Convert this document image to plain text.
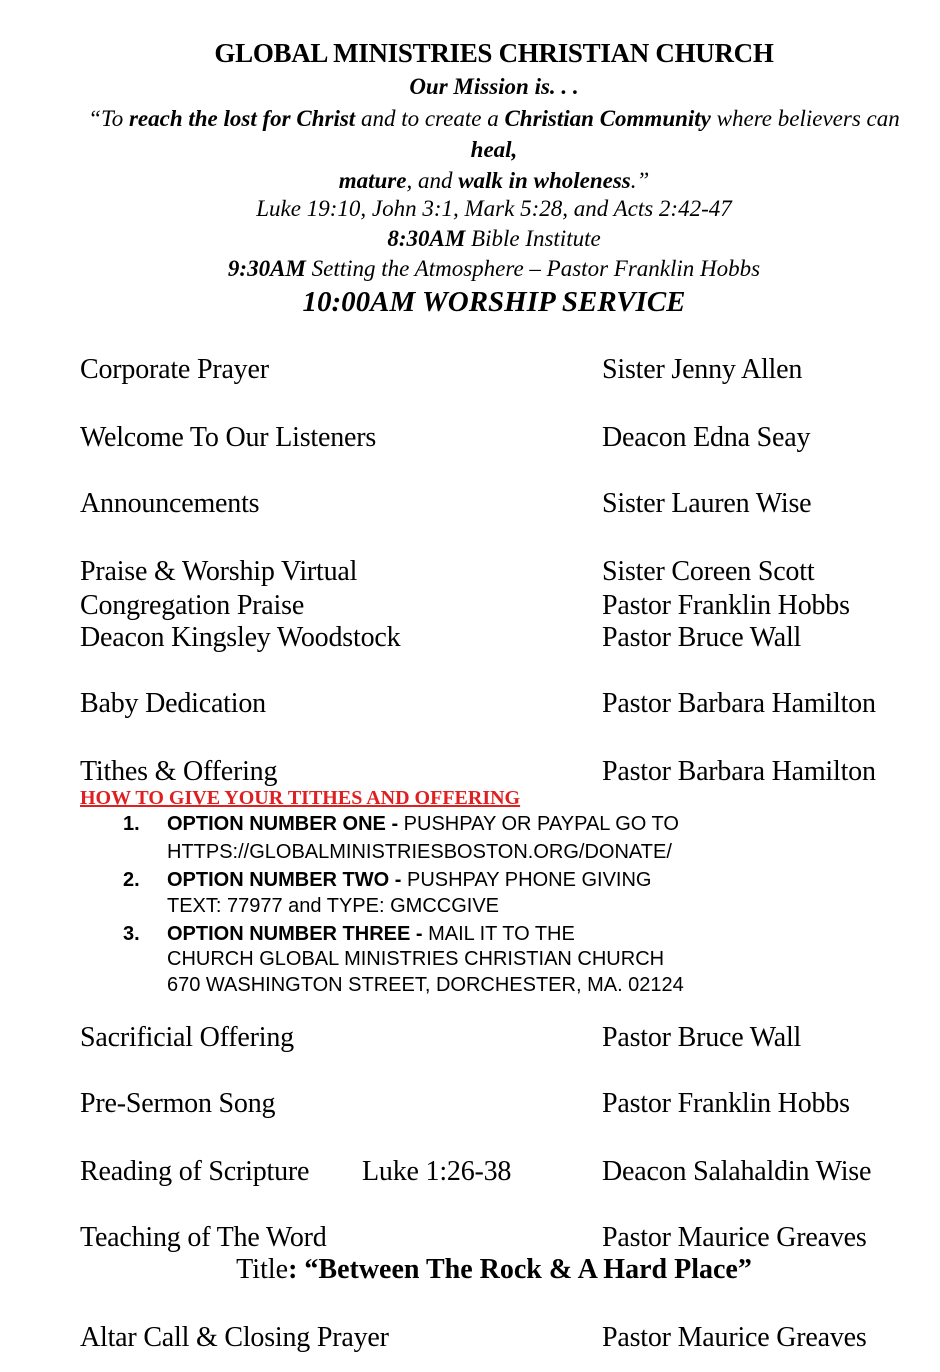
GLOBAL MINISTRIES CHRISTIAN CHURCH
Our Mission is. . .
“To reach the lost for Christ and to create a Christian Community where believers can heal,
mature, and walk in wholeness.”
Luke 19:10, John 3:1, Mark 5:28, and Acts 2:42-47
8:30AM Bible Institute
9:30AM Setting the Atmosphere – Pastor Franklin Hobbs
10:00AM WORSHIP SERVICE
Corporate Prayer	Sister Jenny Allen
Welcome To Our Listeners	Deacon Edna Seay
Announcements	Sister Lauren Wise
Praise & Worship Virtual	Sister Coreen Scott
Congregation Praise	Pastor Franklin Hobbs
Deacon Kingsley Woodstock	Pastor Bruce Wall
Baby Dedication	Pastor Barbara Hamilton
Tithes & Offering	Pastor Barbara Hamilton
HOW TO GIVE YOUR TITHES AND OFFERING
1. OPTION NUMBER ONE - PUSHPAY OR PAYPAL GO TO
HTTPS://GLOBALMINISTRIESBOSTON.ORG/DONATE/
2. OPTION NUMBER TWO - PUSHPAY PHONE GIVING
TEXT: 77977 and TYPE: GMCCGIVE
3. OPTION NUMBER THREE - MAIL IT TO THE
CHURCH GLOBAL MINISTRIES CHRISTIAN CHURCH
670 WASHINGTON STREET, DORCHESTER, MA. 02124
Sacrificial Offering	Pastor Bruce Wall
Pre-Sermon Song	Pastor Franklin Hobbs
Reading of Scripture Luke 1:26-38	Deacon Salahaldin Wise
Teaching of The Word	Pastor Maurice Greaves
Title: “Between The Rock & A Hard Place”
Altar Call & Closing Prayer	Pastor Maurice Greaves
